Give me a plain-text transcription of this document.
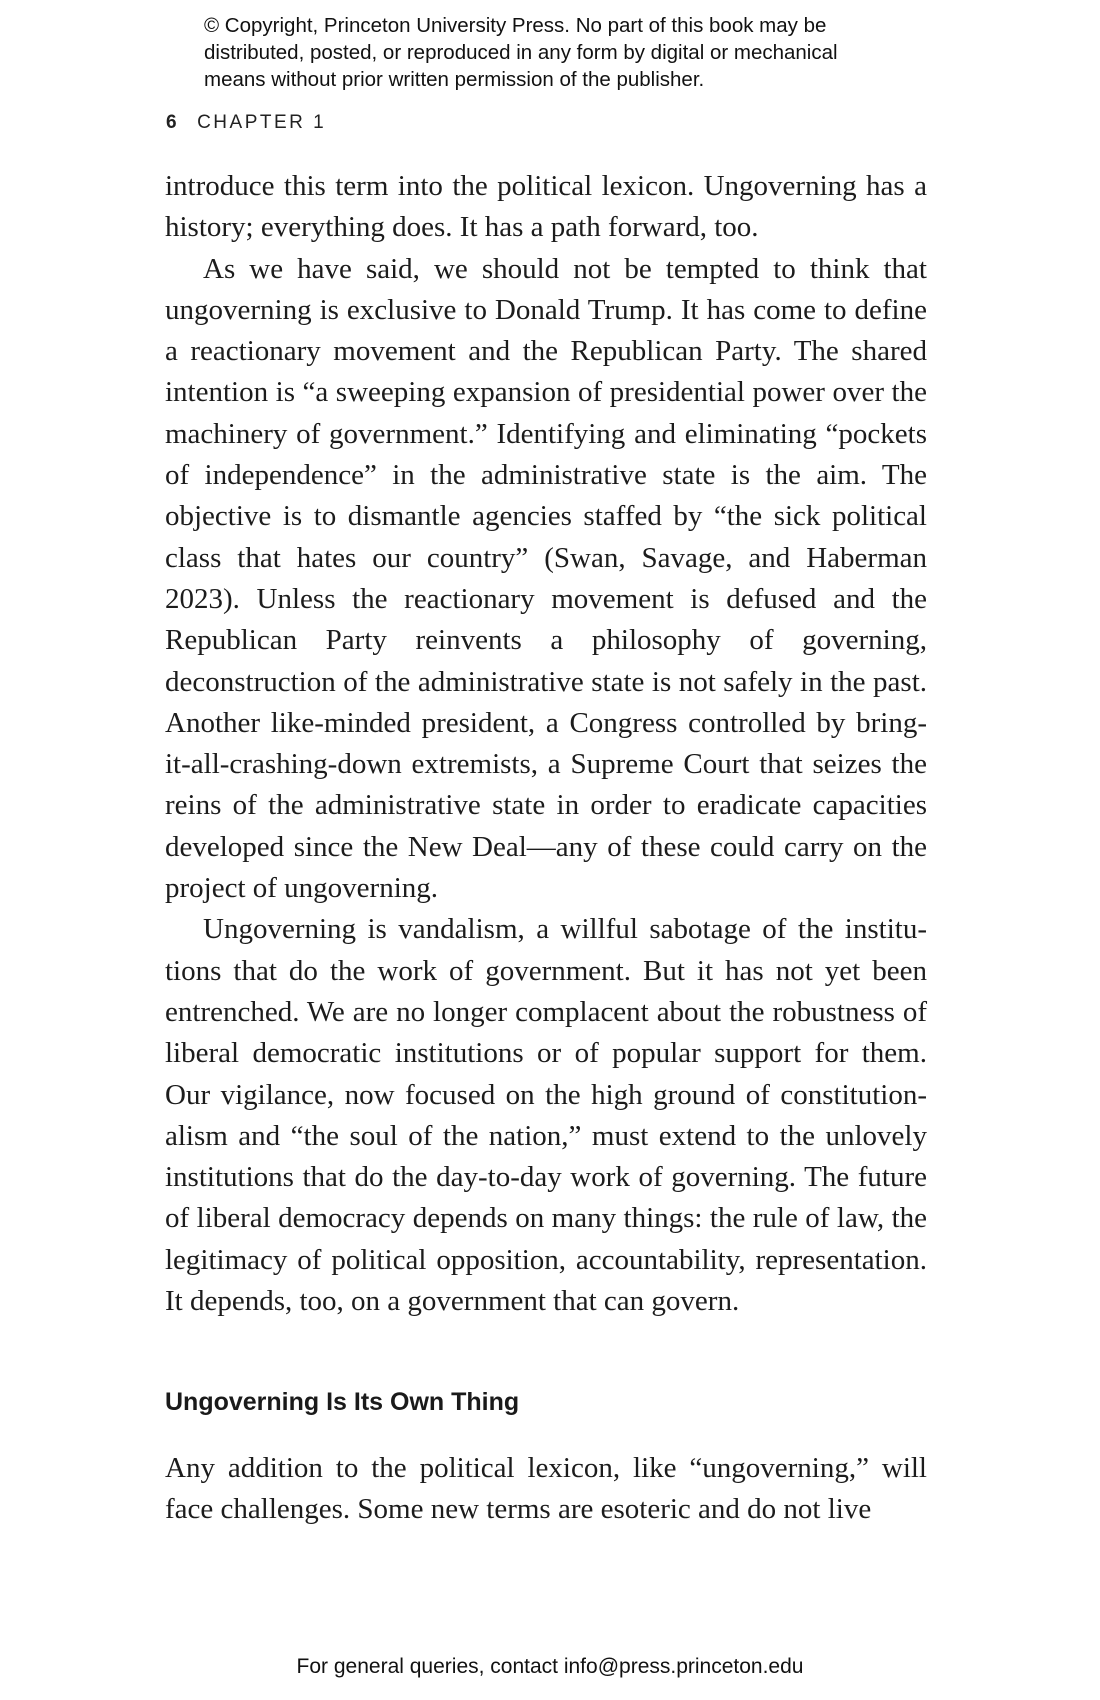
© Copyright, Princeton University Press. No part of this book may be
distributed, posted, or reproduced in any form by digital or mechanical
means without prior written permission of the publisher.
6 CHAPTER 1

introduce this term into the political lexicon. Ungoverning has a history; everything does. It has a path forward, too.

As we have said, we should not be tempted to think that ungoverning is exclusive to Donald Trump. It has come to define a reactionary movement and the Republican Party. The shared intention is “a sweeping expansion of presidential power over the machinery of government.” Identifying and eliminating “pockets of independence” in the administrative state is the aim. The objective is to dismantle agencies staffed by “the sick political class that hates our country” (Swan, Savage, and Haberman 2023). Unless the reactionary movement is defused and the Republican Party reinvents a philosophy of governing, deconstruction of the administrative state is not safely in the past. Another like-minded president, a Congress controlled by bring-it-all-crashing-down extremists, a Supreme Court that seizes the reins of the administrative state in order to eradicate capacities developed since the New Deal—any of these could carry on the project of ungoverning.

Ungoverning is vandalism, a willful sabotage of the institutions that do the work of government. But it has not yet been entrenched. We are no longer complacent about the robustness of liberal democratic institutions or of popular support for them. Our vigilance, now focused on the high ground of constitutionalism and “the soul of the nation,” must extend to the unlovely institutions that do the day-to-day work of governing. The future of liberal democracy depends on many things: the rule of law, the legitimacy of political opposition, accountability, representation. It depends, too, on a government that can govern.

Ungoverning Is Its Own Thing

Any addition to the political lexicon, like “ungoverning,” will face challenges. Some new terms are esoteric and do not live

For general queries, contact info@press.princeton.edu
